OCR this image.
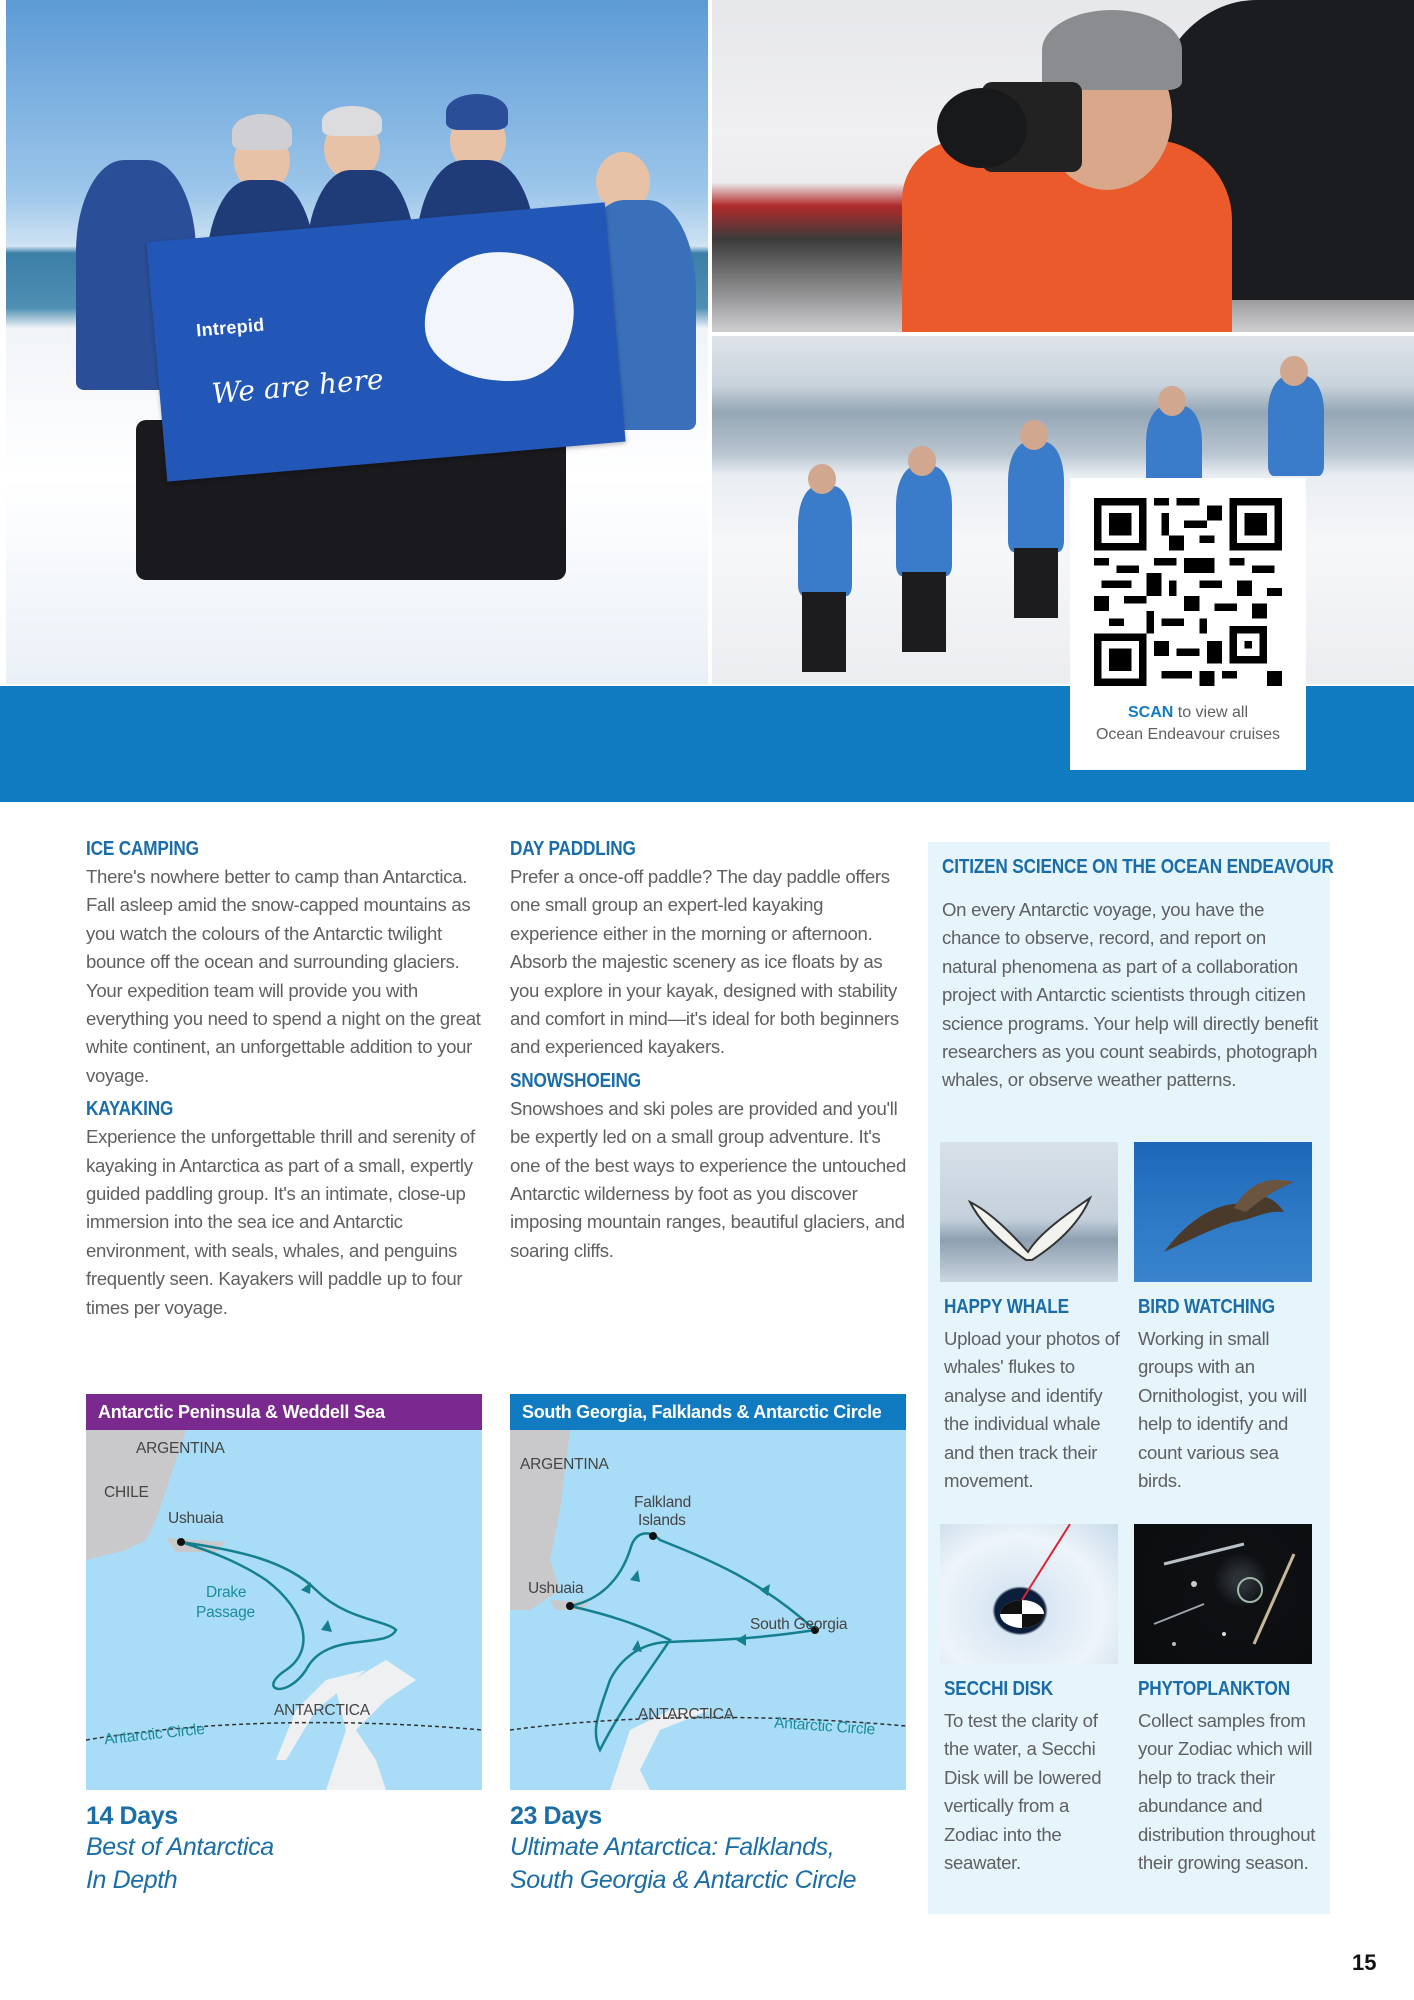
Intrepid
We are here
SCAN to view all
Ocean Endeavour cruises
ICE CAMPING

There's nowhere better to camp than Antarctica. Fall asleep amid the snow-capped mountains as you watch the colours of the Antarctic twilight bounce off the ocean and surrounding glaciers. Your expedition team will provide you with everything you need to spend a night on the great white continent, an unforgettable addition to your voyage.

KAYAKING

Experience the unforgettable thrill and serenity of kayaking in Antarctica as part of a small, expertly guided paddling group. It's an intimate, close-up immersion into the sea ice and Antarctic environment, with seals, whales, and penguins frequently seen. Kayakers will paddle up to four times per voyage.

DAY PADDLING

Prefer a once-off paddle? The day paddle offers one small group an expert-led kayaking experience either in the morning or afternoon. Absorb the majestic scenery as ice floats by as you explore in your kayak, designed with stability and comfort in mind—it's ideal for both beginners and experienced kayakers.

SNOWSHOEING

Snowshoes and ski poles are provided and you'll be expertly led on a small group adventure. It's one of the best ways to experience the untouched Antarctic wilderness by foot as you discover imposing mountain ranges, beautiful glaciers, and soaring cliffs.

CITIZEN SCIENCE ON THE OCEAN ENDEAVOUR

On every Antarctic voyage, you have the chance to observe, record, and report on natural phenomena as part of a collaboration project with Antarctic scientists through citizen science programs. Your help will directly benefit researchers as you count seabirds, photograph whales, or observe weather patterns.

HAPPY WHALE

Upload your photos of whales' flukes to analyse and identify the individual whale and then track their movement.

BIRD WATCHING

Working in small groups with an Ornithologist, you will help to identify and count various sea birds.

SECCHI DISK

To test the clarity of the water, a Secchi Disk will be lowered vertically from a Zodiac into the seawater.

PHYTOPLANKTON

Collect samples from your Zodiac which will help to track their abundance and distribution throughout their growing season.

Antarctic Peninsula & Weddell Sea
ARGENTINA
CHILE
Ushuaia
Drake
Passage
ANTARCTICA
Antarctic Circle
South Georgia, Falklands & Antarctic Circle
ARGENTINA
Falkland
Islands
Ushuaia
South Georgia
ANTARCTICA	Antarctic Circle
14 Days
Best of Antarctica
In Depth
23 Days
Ultimate Antarctica: Falklands,
South Georgia & Antarctic Circle
15
